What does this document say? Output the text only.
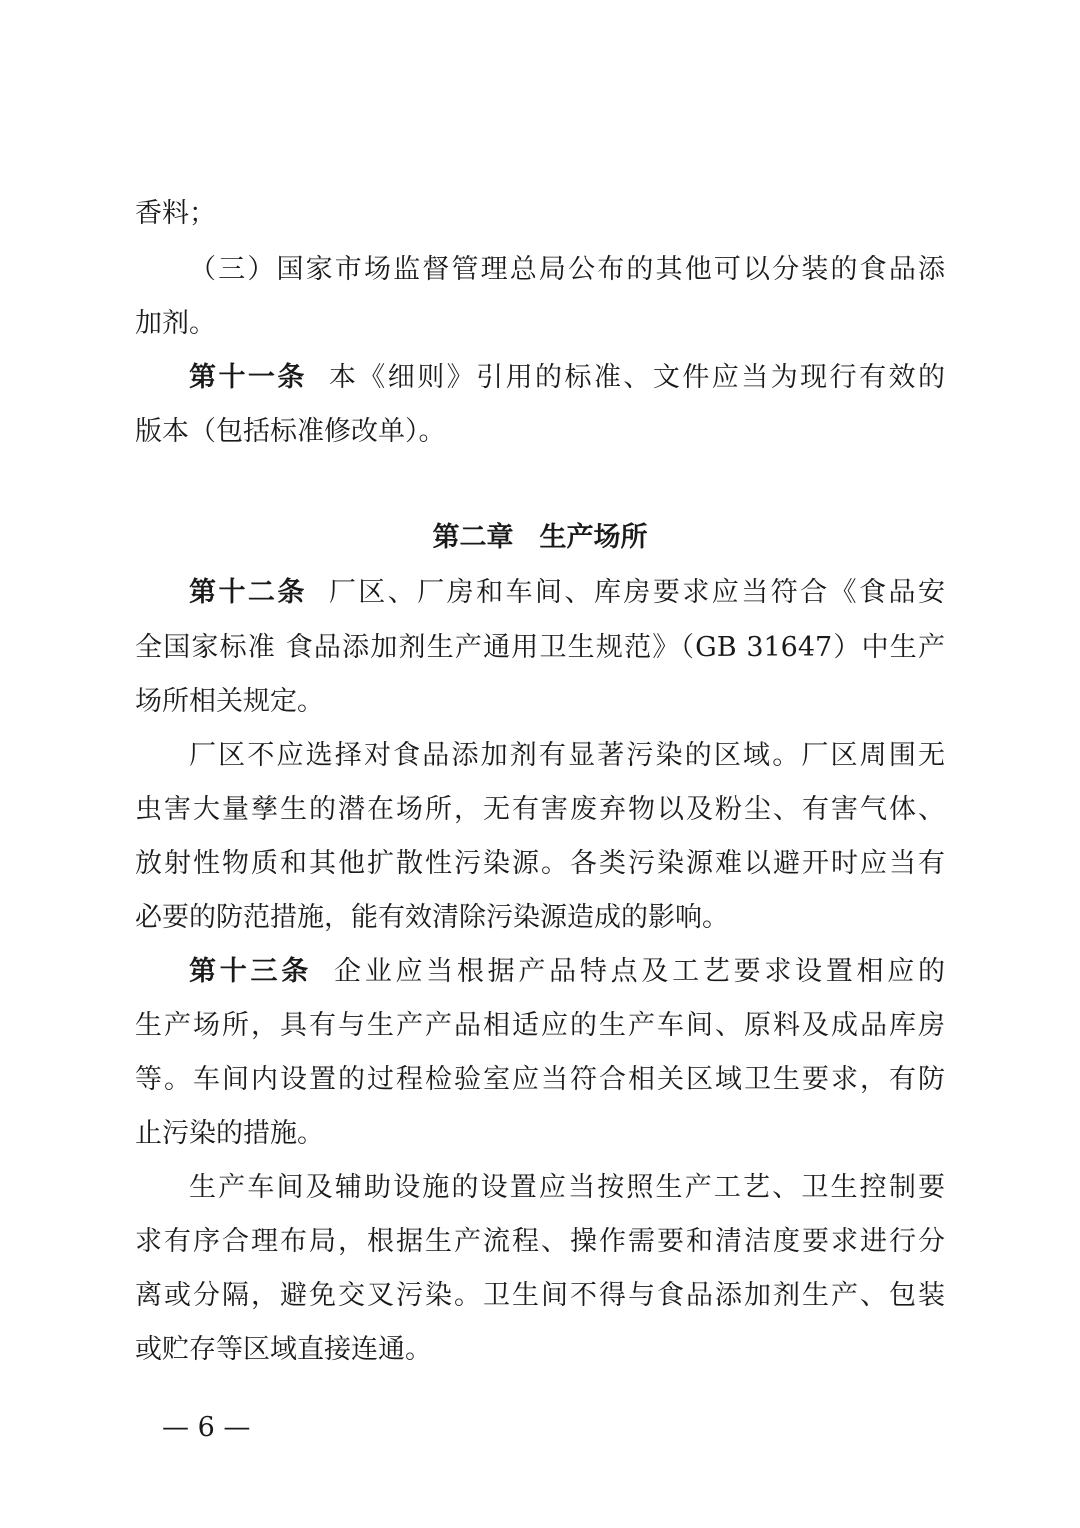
香料；
（三）国家市场监督管理总局公布的其他可以分装的食品添
加剂。
第十一条 本《细则》引用的标准、文件应当为现行有效的
版本（包括标准修改单）。
第二章 生产场所
第十二条 厂区、厂房和车间、库房要求应当符合《食品安
全国家标准 食品添加剂生产通用卫生规范》（GB 31647）中生产
场所相关规定。
厂区不应选择对食品添加剂有显著污染的区域。厂区周围无
虫害大量孳生的潜在场所，无有害废弃物以及粉尘、有害气体、
放射性物质和其他扩散性污染源。各类污染源难以避开时应当有
必要的防范措施，能有效清除污染源造成的影响。
第十三条 企业应当根据产品特点及工艺要求设置相应的
生产场所，具有与生产产品相适应的生产车间、原料及成品库房
等。车间内设置的过程检验室应当符合相关区域卫生要求，有防
止污染的措施。
生产车间及辅助设施的设置应当按照生产工艺、卫生控制要
求有序合理布局，根据生产流程、操作需要和清洁度要求进行分
离或分隔，避免交叉污染。卫生间不得与食品添加剂生产、包装
或贮存等区域直接连通。
— 6 —
